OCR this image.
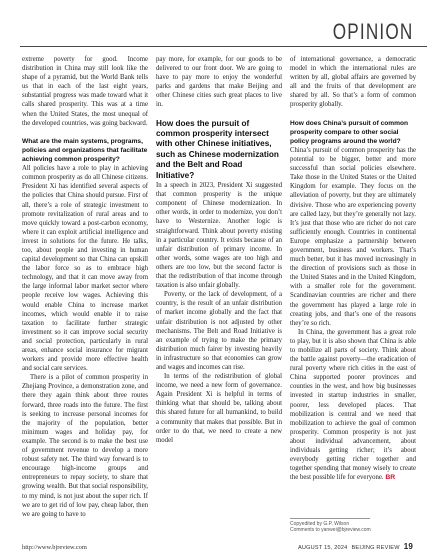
OPINION

extreme poverty for good. Income distribution in China may still look like the shape of a pyramid, but the World Bank tells us that in each of the last eight years, substantial progress was made toward what it calls shared prosperity. This was at a time when the United States, the most unequal of the developed countries, was going backward.

What are the main systems, programs, policies and organizations that facilitate achieving common prosperity?

All policies have a role to play in achieving common prosperity as do all Chinese citizens. President Xi has identified several aspects of the policies that China should pursue. First of all, there’s a role of strategic investment to promote revitalization of rural areas and to move quickly toward a post-carbon economy, where it can exploit artificial intelligence and invest in solutions for the future. He talks, too, about people and investing in human capital development so that China can upskill the labor force so as to embrace high technology, and that it can move away from the large informal labor market sector where people receive low wages. Achieving this would enable China to increase market incomes, which would enable it to raise taxation to facilitate further strategic investment so it can improve social security and social protection, particularly in rural areas, enhance social insurance for migrant workers and provide more effective health and social care services.

There is a pilot of common prosperity in Zhejiang Province, a demonstration zone, and there they again think about three routes forward, three roads into the future. The first is seeking to increase personal incomes for the majority of the population, better minimum wages and holiday pay, for example. The second is to make the best use of government revenue to develop a more robust safety net. The third way forward is to encourage high-income groups and entrepreneurs to repay society, to share that growing wealth. But that social responsibility, to my mind, is not just about the super rich. If we are to get rid of low pay, cheap labor, then we are going to have to

pay more, for example, for our goods to be delivered to our front door. We are going to have to pay more to enjoy the wonderful parks and gardens that make Beijing and other Chinese cities such great places to live in.

How does the pursuit of common prosperity intersect with other Chinese initiatives, such as Chinese modernization and the Belt and Road Initiative?

In a speech in 2023, President Xi suggested that common prosperity is the unique component of Chinese modernization. In other words, in order to modernize, you don’t have to Westernize. Another logic is straightforward. Think about poverty existing in a particular country. It exists because of an unfair distribution of primary income. In other words, some wages are too high and others are too low, but the second factor is that the redistribution of that income through taxation is also unfair globally.

Poverty, or the lack of development, of a country, is the result of an unfair distribution of market income globally and the fact that unfair distribution is not adjusted by other mechanisms. The Belt and Road Initiative is an example of trying to make the primary distribution much fairer by investing heavily in infrastructure so that economies can grow and wages and incomes can rise.

In terms of the redistribution of global income, we need a new form of governance. Again President Xi is helpful in terms of thinking what that should be, talking about this shared future for all humankind, to build a community that makes that possible. But in order to do that, we need to create a new model

of international governance, a democratic model in which the international rules are written by all, global affairs are governed by all and the fruits of that development are shared by all. So that’s a form of common prosperity globally.

How does China’s pursuit of common prosperity compare to other social policy programs around the world?

China’s pursuit of common prosperity has the potential to be bigger, better and more successful than social policies elsewhere. Take those in the United States or the United Kingdom for example. They focus on the alleviation of poverty, but they are ultimately divisive. Those who are experiencing poverty are called lazy, but they’re generally not lazy. It’s just that those who are richer do not care sufficiently enough. Countries in continental Europe emphasize a partnership between government, business and workers. That’s much better, but it has moved increasingly in the direction of provisions such as those in the United States and in the United Kingdom, with a smaller role for the government. Scandinavian countries are richer and there the government has played a large role in creating jobs, and that’s one of the reasons they’re so rich.

In China, the government has a great role to play, but it is also shown that China is able to mobilize all parts of society. Think about the battle against poverty—the eradication of rural poverty where rich cities in the east of China supported poorer provinces and counties in the west, and how big businesses invested in startup industries in smaller, poorer, less developed places. That mobilization is central and we need that mobilization to achieve the goal of common prosperity. Common prosperity is not just about individual advancement, about individuals getting richer; it’s about everybody getting richer together and together spending that money wisely to create the best possible life for everyone. BR

Copyedited by G.P. Wilson
Comments to yanwei@bjreview.com
http://www.bjreview.com	AUGUST 15, 2024 BEIJING REVIEW 19
